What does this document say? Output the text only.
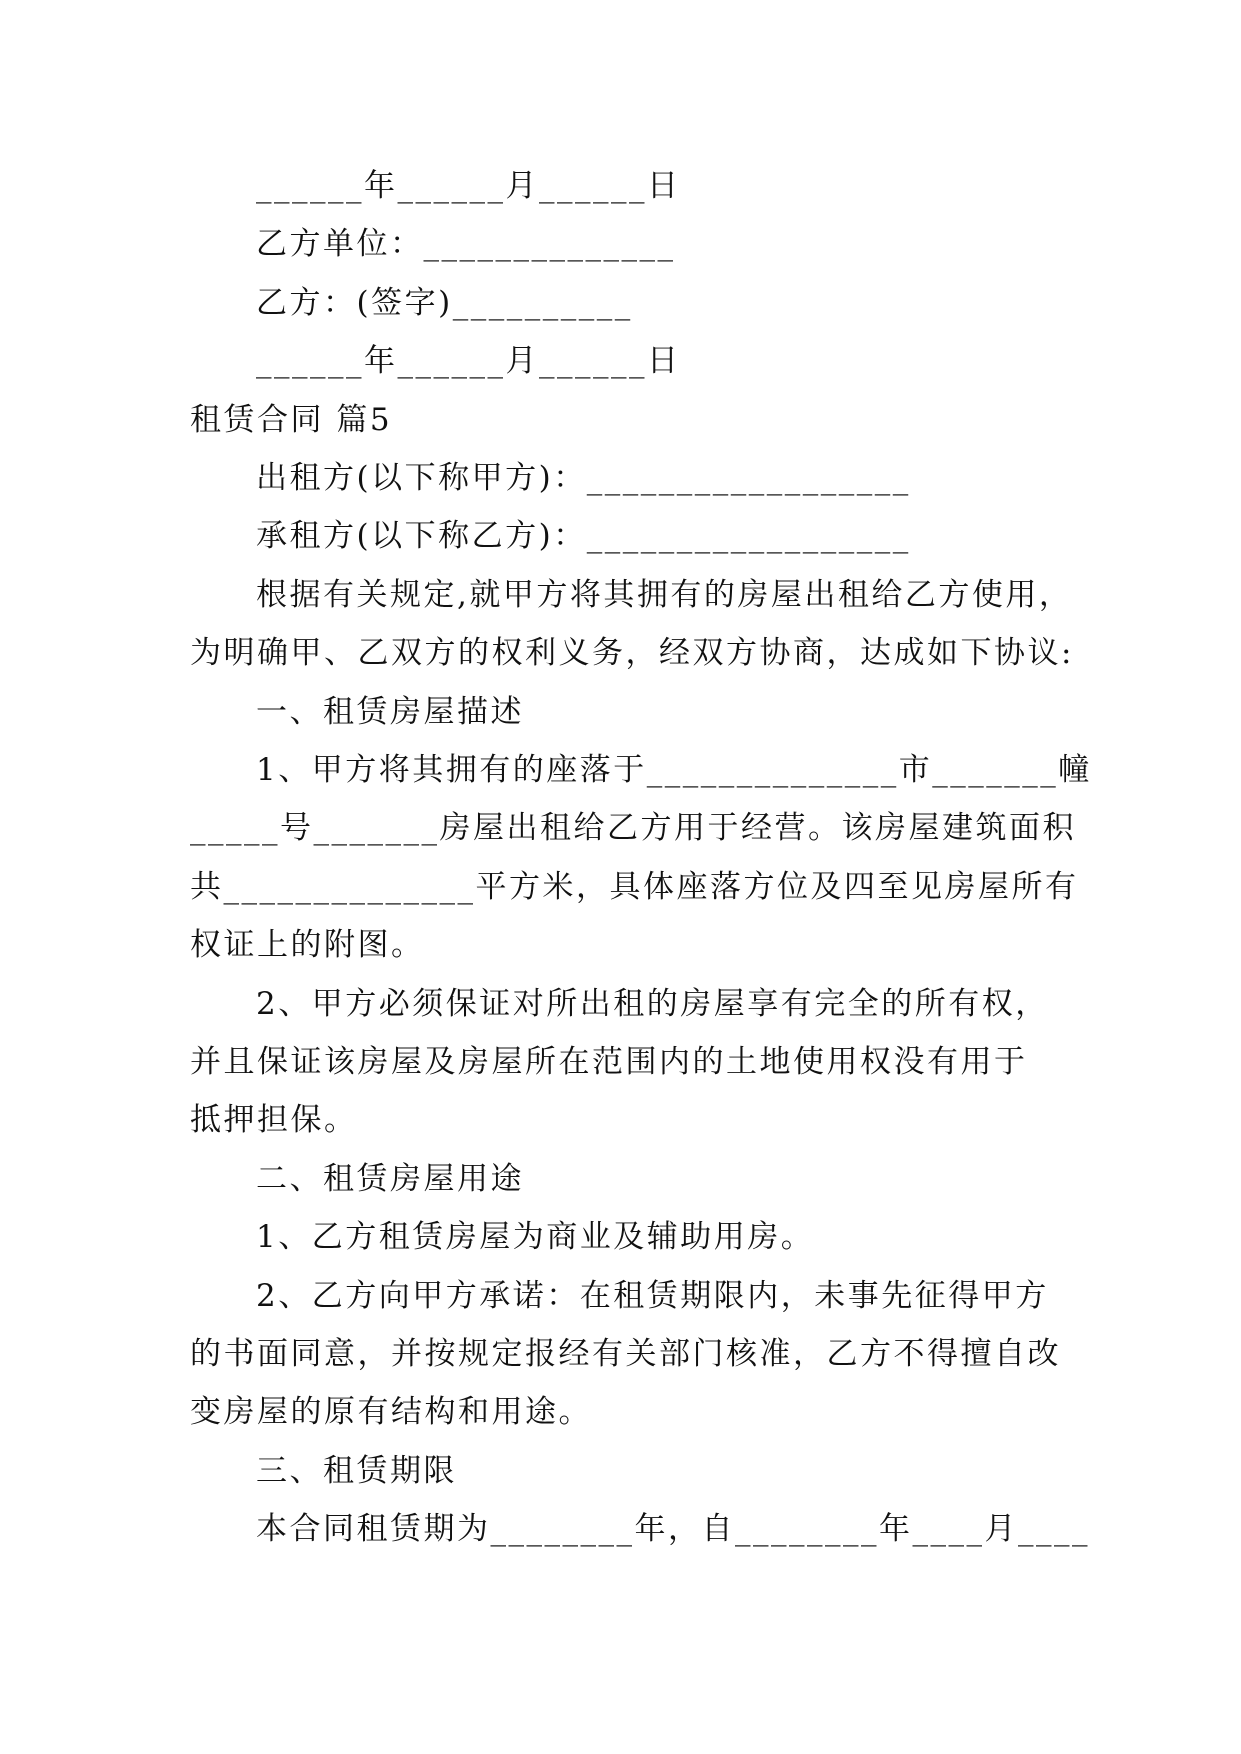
______年______月______日
乙方单位：______________
乙方：(签字)__________
______年______月______日
租赁合同 篇5
出租方(以下称甲方)：__________________
承租方(以下称乙方)：__________________
根据有关规定,就甲方将其拥有的房屋出租给乙方使用，
为明确甲、乙双方的权利义务，经双方协商，达成如下协议:
一、租赁房屋描述
1、甲方将其拥有的座落于______________市_______幢
_____号_______房屋出租给乙方用于经营。该房屋建筑面积
共______________平方米，具体座落方位及四至见房屋所有
权证上的附图。
2、甲方必须保证对所出租的房屋享有完全的所有权，
并且保证该房屋及房屋所在范围内的土地使用权没有用于
抵押担保。
二、租赁房屋用途
1、乙方租赁房屋为商业及辅助用房。
2、乙方向甲方承诺：在租赁期限内，未事先征得甲方
的书面同意，并按规定报经有关部门核准，乙方不得擅自改
变房屋的原有结构和用途。
三、租赁期限
本合同租赁期为________年，自________年____月____
